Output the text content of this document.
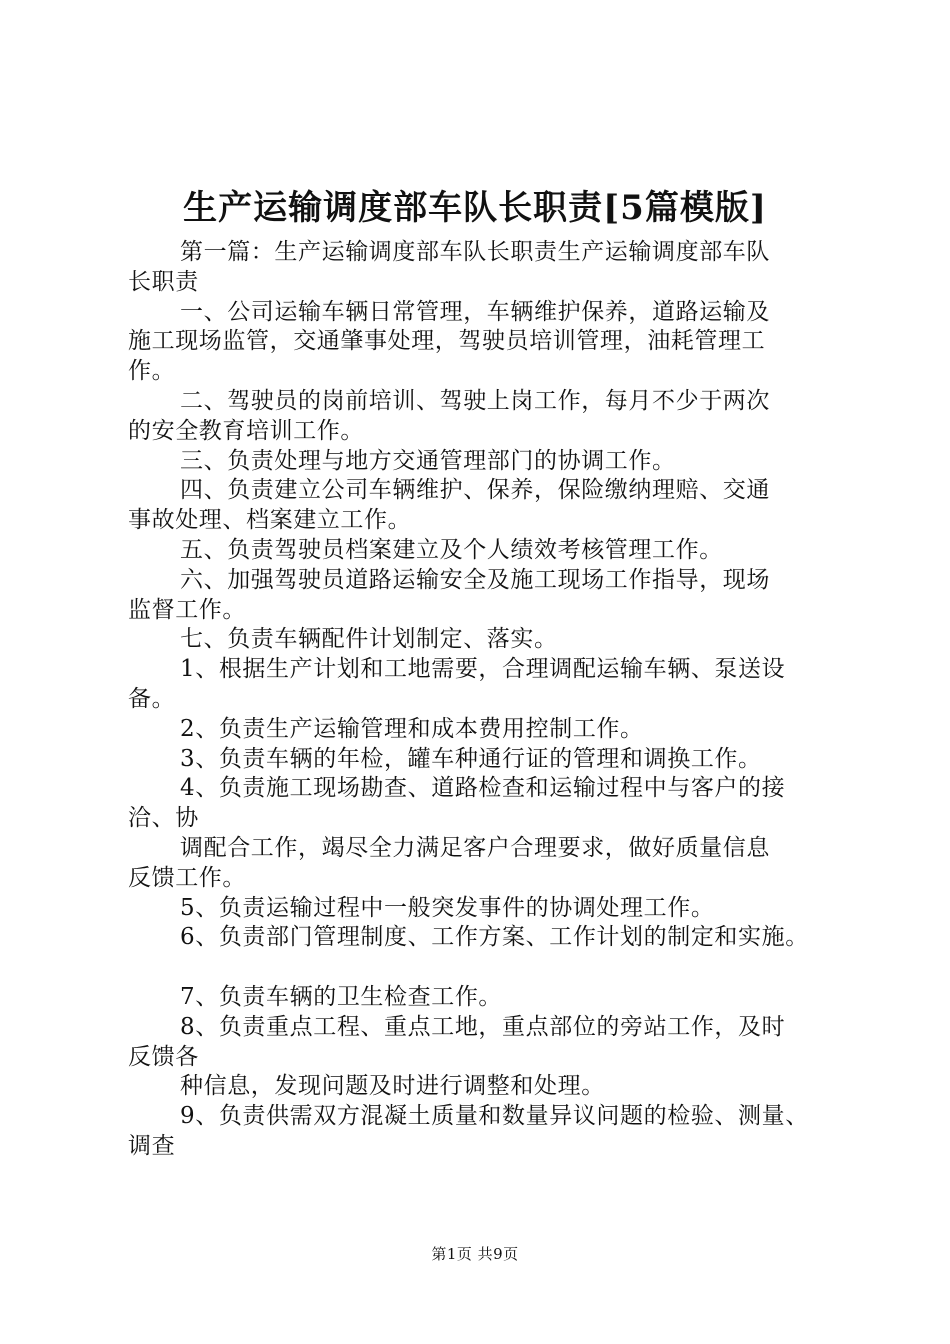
生产运输调度部车队长职责[5篇模版]
第一篇：生产运输调度部车队长职责生产运输调度部车队
长职责
一、公司运输车辆日常管理，车辆维护保养，道路运输及
施工现场监管，交通肇事处理，驾驶员培训管理，油耗管理工
作。
二、驾驶员的岗前培训、驾驶上岗工作，每月不少于两次
的安全教育培训工作。
三、负责处理与地方交通管理部门的协调工作。
四、负责建立公司车辆维护、保养，保险缴纳理赔、交通
事故处理、档案建立工作。
五、负责驾驶员档案建立及个人绩效考核管理工作。
六、加强驾驶员道路运输安全及施工现场工作指导，现场
监督工作。
七、负责车辆配件计划制定、落实。
1、根据生产计划和工地需要，合理调配运输车辆、泵送设
备。
2、负责生产运输管理和成本费用控制工作。
3、负责车辆的年检，罐车种通行证的管理和调换工作。
4、负责施工现场勘查、道路检查和运输过程中与客户的接
洽、协
调配合工作，竭尽全力满足客户合理要求，做好质量信息
反馈工作。
5、负责运输过程中一般突发事件的协调处理工作。
6、负责部门管理制度、工作方案、工作计划的制定和实施。
7、负责车辆的卫生检查工作。
8、负责重点工程、重点工地，重点部位的旁站工作，及时
反馈各
种信息，发现问题及时进行调整和处理。
9、负责供需双方混凝土质量和数量异议问题的检验、测量、
调查
第1页 共9页
